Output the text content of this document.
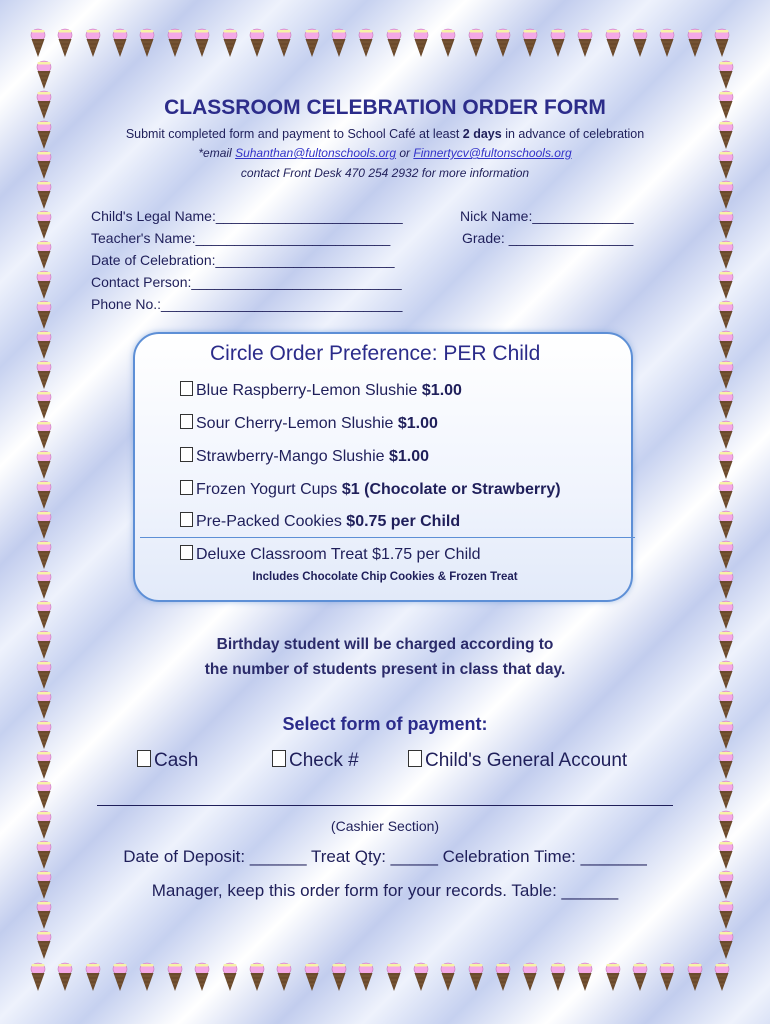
CLASSROOM CELEBRATION ORDER FORM
Submit completed form and payment to School Café at least 2 days in advance of celebration
*email Suhanthan@fultonschools.org or Finnertycv@fultonschools.org
contact Front Desk 470 254 2932 for more information
Child's Legal Name:________________________	Nick Name:_____________
Teacher's Name:_________________________	Grade: ________________
Date of Celebration:_______________________
Contact Person:___________________________
Phone No.:_______________________________
Circle Order Preference: PER Child
Blue Raspberry-Lemon Slushie $1.00
Sour Cherry-Lemon Slushie $1.00
Strawberry-Mango Slushie $1.00
Frozen Yogurt Cups $1 (Chocolate or Strawberry)
Pre-Packed Cookies $0.75 per Child
Deluxe Classroom Treat $1.75 per Child
Includes Chocolate Chip Cookies & Frozen Treat
Birthday student will be charged according to
the number of students present in class that day.
Select form of payment:
Cash	Check #	Child's General Account
(Cashier Section)
Date of Deposit: ______ Treat Qty: _____ Celebration Time: _______
Manager, keep this order form for your records. Table: ______
